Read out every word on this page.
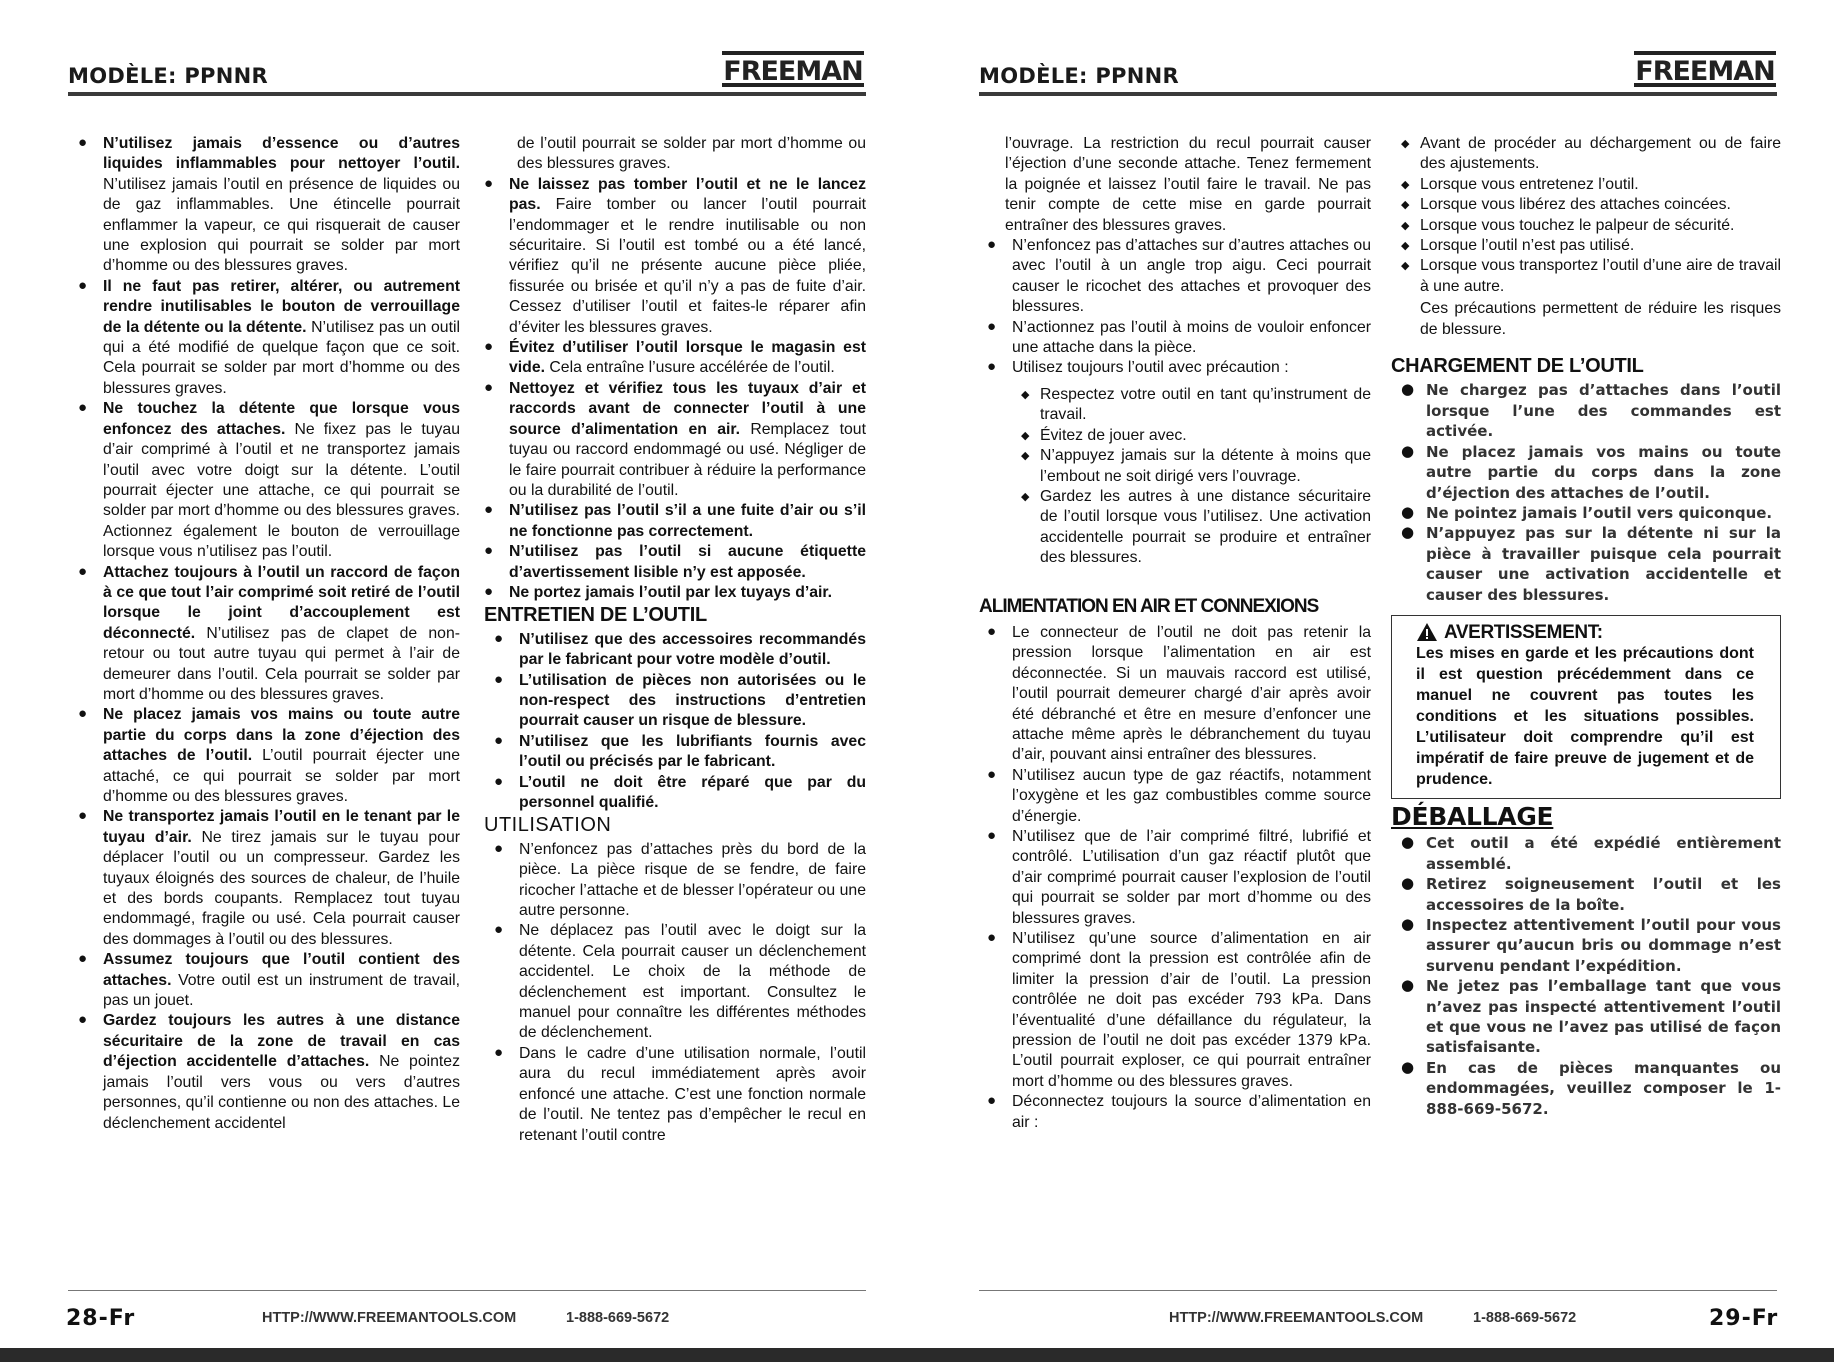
MODÈLE: PPNNR	FREEMAN

● N’utilisez jamais d’essence ou d’autres liquides inflammables pour nettoyer l’outil. N’utilisez jamais l’outil en présence de liquides ou de gaz inflammables. Une étincelle pourrait enflammer la vapeur, ce qui risquerait de causer une explosion qui pourrait se solder par mort d’homme ou des blessures graves.

● Il ne faut pas retirer, altérer, ou autrement rendre inutilisables le bouton de verrouillage de la détente ou la détente. N’utilisez pas un outil qui a été modifié de quelque façon que ce soit. Cela pourrait se solder par mort d’homme ou des blessures graves.

● Ne touchez la détente que lorsque vous enfoncez des attaches. Ne fixez pas le tuyau d’air comprimé à l’outil et ne transportez jamais l’outil avec votre doigt sur la détente. L’outil pourrait éjecter une attache, ce qui pourrait se solder par mort d’homme ou des blessures graves. Actionnez également le bouton de verrouillage lorsque vous n’utilisez pas l’outil.

● Attachez toujours à l’outil un raccord de façon à ce que tout l’air comprimé soit retiré de l’outil lorsque le joint d’accouplement est déconnecté. N’utilisez pas de clapet de non-retour ou tout autre tuyau qui permet à l’air de demeurer dans l’outil. Cela pourrait se solder par mort d’homme ou des blessures graves.

● Ne placez jamais vos mains ou toute autre partie du corps dans la zone d’éjection des attaches de l’outil. L’outil pourrait éjecter une attaché, ce qui pourrait se solder par mort d’homme ou des blessures graves.

● Ne transportez jamais l’outil en le tenant par le tuyau d’air. Ne tirez jamais sur le tuyau pour déplacer l’outil ou un compresseur. Gardez les tuyaux éloignés des sources de chaleur, de l’huile et des bords coupants. Remplacez tout tuyau endommagé, fragile ou usé. Cela pourrait causer des dommages à l’outil ou des blessures.

● Assumez toujours que l’outil contient des attaches. Votre outil est un instrument de travail, pas un jouet.

● Gardez toujours les autres à une distance sécuritaire de la zone de travail en cas d’éjection accidentelle d’attaches. Ne pointez jamais l’outil vers vous ou vers d’autres personnes, qu’il contienne ou non des attaches. Le déclenchement accidentel

de l’outil pourrait se solder par mort d’homme ou des blessures graves.

● Ne laissez pas tomber l’outil et ne le lancez pas. Faire tomber ou lancer l’outil pourrait l’endommager et le rendre inutilisable ou non sécuritaire. Si l’outil est tombé ou a été lancé, vérifiez qu’il ne présente aucune pièce pliée, fissurée ou brisée et qu’il n’y a pas de fuite d’air. Cessez d’utiliser l’outil et faites-le réparer afin d’éviter les blessures graves.

● Évitez d’utiliser l’outil lorsque le magasin est vide. Cela entraîne l’usure accélérée de l’outil.

● Nettoyez et vérifiez tous les tuyaux d’air et raccords avant de connecter l’outil à une source d’alimentation en air. Remplacez tout tuyau ou raccord endommagé ou usé. Négliger de le faire pourrait contribuer à réduire la performance ou la durabilité de l’outil.

● N’utilisez pas l’outil s’il a une fuite d’air ou s’il ne fonctionne pas correctement.

● N’utilisez pas l’outil si aucune étiquette d’avertissement lisible n’y est apposée.

● Ne portez jamais l’outil par lex tuyays d’air.

ENTRETIEN DE L’OUTIL

● N’utilisez que des accessoires recommandés par le fabricant pour votre modèle d’outil.

● L’utilisation de pièces non autorisées ou le non-respect des instructions d’entretien pourrait causer un risque de blessure.

● N’utilisez que les lubrifiants fournis avec l’outil ou précisés par le fabricant.

● L’outil ne doit être réparé que par du personnel qualifié.

UTILISATION

● N’enfoncez pas d’attaches près du bord de la pièce. La pièce risque de se fendre, de faire ricocher l’attache et de blesser l’opérateur ou une autre personne.

● Ne déplacez pas l’outil avec le doigt sur la détente. Cela pourrait causer un déclenchement accidentel. Le choix de la méthode de déclenchement est important. Consultez le manuel pour connaître les différentes méthodes de déclenchement.

● Dans le cadre d’une utilisation normale, l’outil aura du recul immédiatement après avoir enfoncé une attache. C’est une fonction normale de l’outil. Ne tentez pas d’empêcher le recul en retenant l’outil contre

28-Fr	HTTP://WWW.FREEMANTOOLS.COM	1-888-669-5672
MODÈLE: PPNNR	FREEMAN

l’ouvrage. La restriction du recul pourrait causer l’éjection d’une seconde attache. Tenez fermement la poignée et laissez l’outil faire le travail. Ne pas tenir compte de cette mise en garde pourrait entraîner des blessures graves.

● N’enfoncez pas d’attaches sur d’autres attaches ou avec l’outil à un angle trop aigu. Ceci pourrait causer le ricochet des attaches et provoquer des blessures.

● N’actionnez pas l’outil à moins de vouloir enfoncer une attache dans la pièce.

● Utilisez toujours l’outil avec précaution :

◆ Respectez votre outil en tant qu’instrument de travail.

◆ Évitez de jouer avec.

◆ N’appuyez jamais sur la détente à moins que l’embout ne soit dirigé vers l’ouvrage.

◆ Gardez les autres à une distance sécuritaire de l’outil lorsque vous l’utilisez. Une activation accidentelle pourrait se produire et entraîner des blessures.

ALIMENTATION EN AIR ET CONNEXIONS

● Le connecteur de l’outil ne doit pas retenir la pression lorsque l’alimentation en air est déconnectée. Si un mauvais raccord est utilisé, l’outil pourrait demeurer chargé d’air après avoir été débranché et être en mesure d’enfoncer une attache même après le débranchement du tuyau d’air, pouvant ainsi entraîner des blessures.

● N’utilisez aucun type de gaz réactifs, notamment l’oxygène et les gaz combustibles comme source d’énergie.

● N’utilisez que de l’air comprimé filtré, lubrifié et contrôlé. L’utilisation d’un gaz réactif plutôt que d’air comprimé pourrait causer l’explosion de l’outil qui pourrait se solder par mort d’homme ou des blessures graves.

● N’utilisez qu’une source d’alimentation en air comprimé dont la pression est contrôlée afin de limiter la pression d’air de l’outil. La pression contrôlée ne doit pas excéder 793 kPa. Dans l’éventualité d’une défaillance du régulateur, la pression de l’outil ne doit pas excéder 1379 kPa. L’outil pourrait exploser, ce qui pourrait entraîner mort d’homme ou des blessures graves.

● Déconnectez toujours la source d’alimentation en air :

◆ Avant de procéder au déchargement ou de faire des ajustements.

◆ Lorsque vous entretenez l’outil.

◆ Lorsque vous libérez des attaches coincées.

◆ Lorsque vous touchez le palpeur de sécurité.

◆ Lorsque l’outil n’est pas utilisé.

◆ Lorsque vous transportez l’outil d’une aire de travail à une autre.

Ces précautions permettent de réduire les risques de blessure.

CHARGEMENT DE L’OUTIL

● Ne chargez pas d’attaches dans l’outil lorsque l’une des commandes est activée.

● Ne placez jamais vos mains ou toute autre partie du corps dans la zone d’éjection des attaches de l’outil.

● Ne pointez jamais l’outil vers quiconque.

● N’appuyez pas sur la détente ni sur la pièce à travailler puisque cela pourrait causer une activation accidentelle et causer des blessures.

AVERTISSEMENT:

Les mises en garde et les précautions dont il est question précédemment dans ce manuel ne couvrent pas toutes les conditions et les situations possibles. L’utilisateur doit comprendre qu’il est impératif de faire preuve de jugement et de prudence.

DÉBALLAGE

● Cet outil a été expédié entièrement assemblé.

● Retirez soigneusement l’outil et les accessoires de la boîte.

● Inspectez attentivement l’outil pour vous assurer qu’aucun bris ou dommage n’est survenu pendant l’expédition.

● Ne jetez pas l’emballage tant que vous n’avez pas inspecté attentivement l’outil et que vous ne l’avez pas utilisé de façon satisfaisante.

● En cas de pièces manquantes ou endommagées, veuillez composer le 1-888-669-5672.

HTTP://WWW.FREEMANTOOLS.COM	1-888-669-5672	29-Fr
